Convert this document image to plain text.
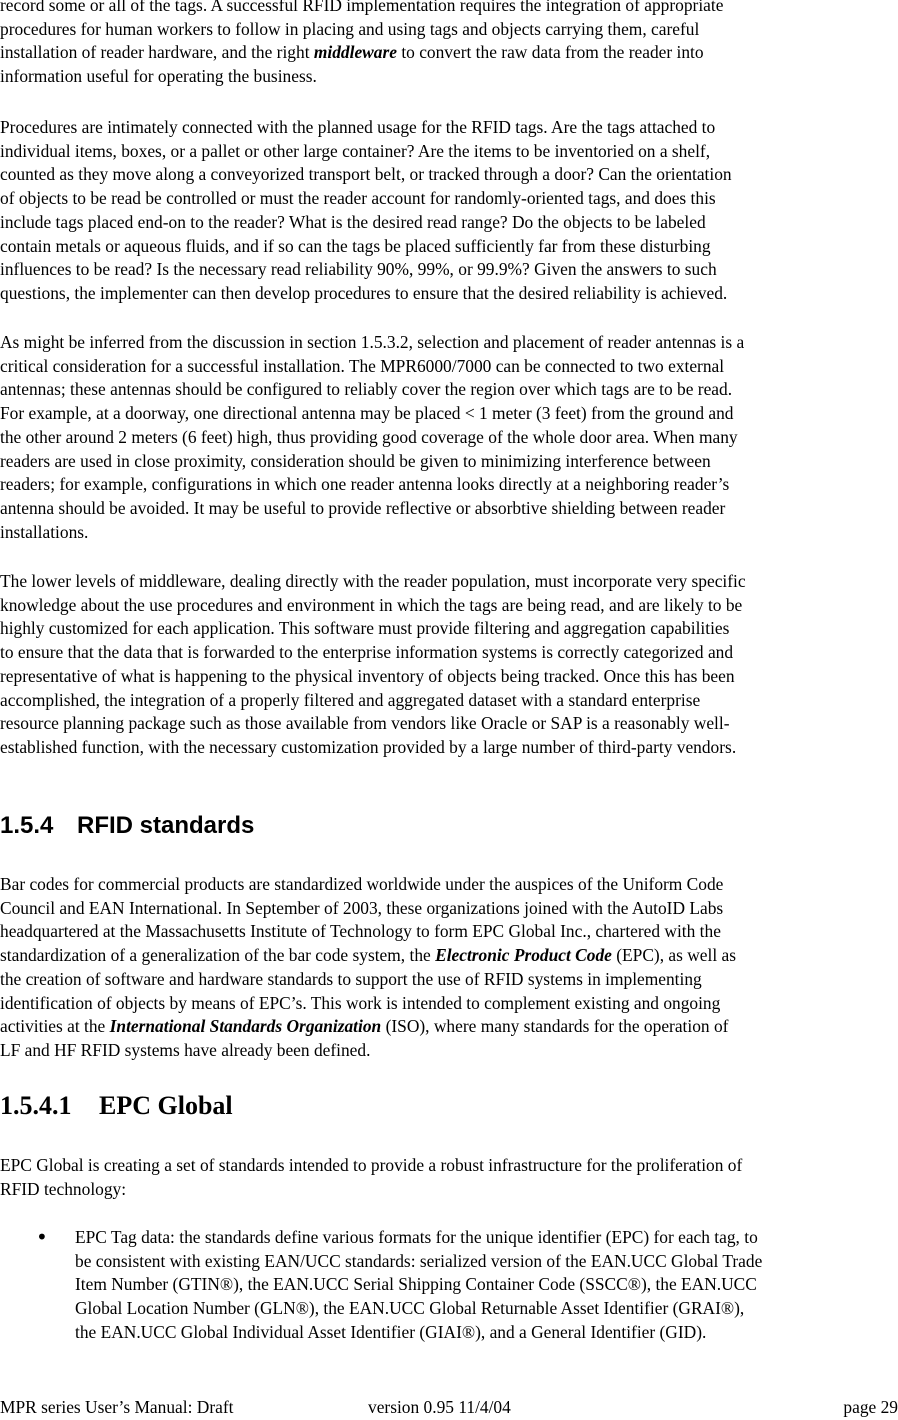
record some or all of the tags. A successful RFID implementation requires the integration of appropriate
procedures for human workers to follow in placing and using tags and objects carrying them, careful
installation of reader hardware, and the right middleware to convert the raw data from the reader into
information useful for operating the business.
Procedures are intimately connected with the planned usage for the RFID tags. Are the tags attached to
individual items, boxes, or a pallet or other large container? Are the items to be inventoried on a shelf,
counted as they move along a conveyorized transport belt, or tracked through a door? Can the orientation
of objects to be read be controlled or must the reader account for randomly-oriented tags, and does this
include tags placed end-on to the reader? What is the desired read range? Do the objects to be labeled
contain metals or aqueous fluids, and if so can the tags be placed sufficiently far from these disturbing
influences to be read? Is the necessary read reliability 90%, 99%, or 99.9%? Given the answers to such
questions, the implementer can then develop procedures to ensure that the desired reliability is achieved.
As might be inferred from the discussion in section 1.5.3.2, selection and placement of reader antennas is a
critical consideration for a successful installation. The MPR6000/7000 can be connected to two external
antennas; these antennas should be configured to reliably cover the region over which tags are to be read.
For example, at a doorway, one directional antenna may be placed < 1 meter (3 feet) from the ground and
the other around 2 meters (6 feet) high, thus providing good coverage of the whole door area. When many
readers are used in close proximity, consideration should be given to minimizing interference between
readers; for example, configurations in which one reader antenna looks directly at a neighboring reader’s
antenna should be avoided. It may be useful to provide reflective or absorbtive shielding between reader
installations.
The lower levels of middleware, dealing directly with the reader population, must incorporate very specific
knowledge about the use procedures and environment in which the tags are being read, and are likely to be
highly customized for each application. This software must provide filtering and aggregation capabilities
to ensure that the data that is forwarded to the enterprise information systems is correctly categorized and
representative of what is happening to the physical inventory of objects being tracked. Once this has been
accomplished, the integration of a properly filtered and aggregated dataset with a standard enterprise
resource planning package such as those available from vendors like Oracle or SAP is a reasonably well-
established function, with the necessary customization provided by a large number of third-party vendors.
1.5.4 RFID standards
Bar codes for commercial products are standardized worldwide under the auspices of the Uniform Code
Council and EAN International. In September of 2003, these organizations joined with the AutoID Labs
headquartered at the Massachusetts Institute of Technology to form EPC Global Inc., chartered with the
standardization of a generalization of the bar code system, the Electronic Product Code (EPC), as well as
the creation of software and hardware standards to support the use of RFID systems in implementing
identification of objects by means of EPC’s. This work is intended to complement existing and ongoing
activities at the International Standards Organization (ISO), where many standards for the operation of
LF and HF RFID systems have already been defined.
1.5.4.1 EPC Global
EPC Global is creating a set of standards intended to provide a robust infrastructure for the proliferation of
RFID technology:
• EPC Tag data: the standards define various formats for the unique identifier (EPC) for each tag, to
be consistent with existing EAN/UCC standards: serialized version of the EAN.UCC Global Trade
Item Number (GTIN®), the EAN.UCC Serial Shipping Container Code (SSCC®), the EAN.UCC
Global Location Number (GLN®), the EAN.UCC Global Returnable Asset Identifier (GRAI®),
the EAN.UCC Global Individual Asset Identifier (GIAI®), and a General Identifier (GID).
MPR series User’s Manual: Draft	version 0.95 11/4/04	page 29
